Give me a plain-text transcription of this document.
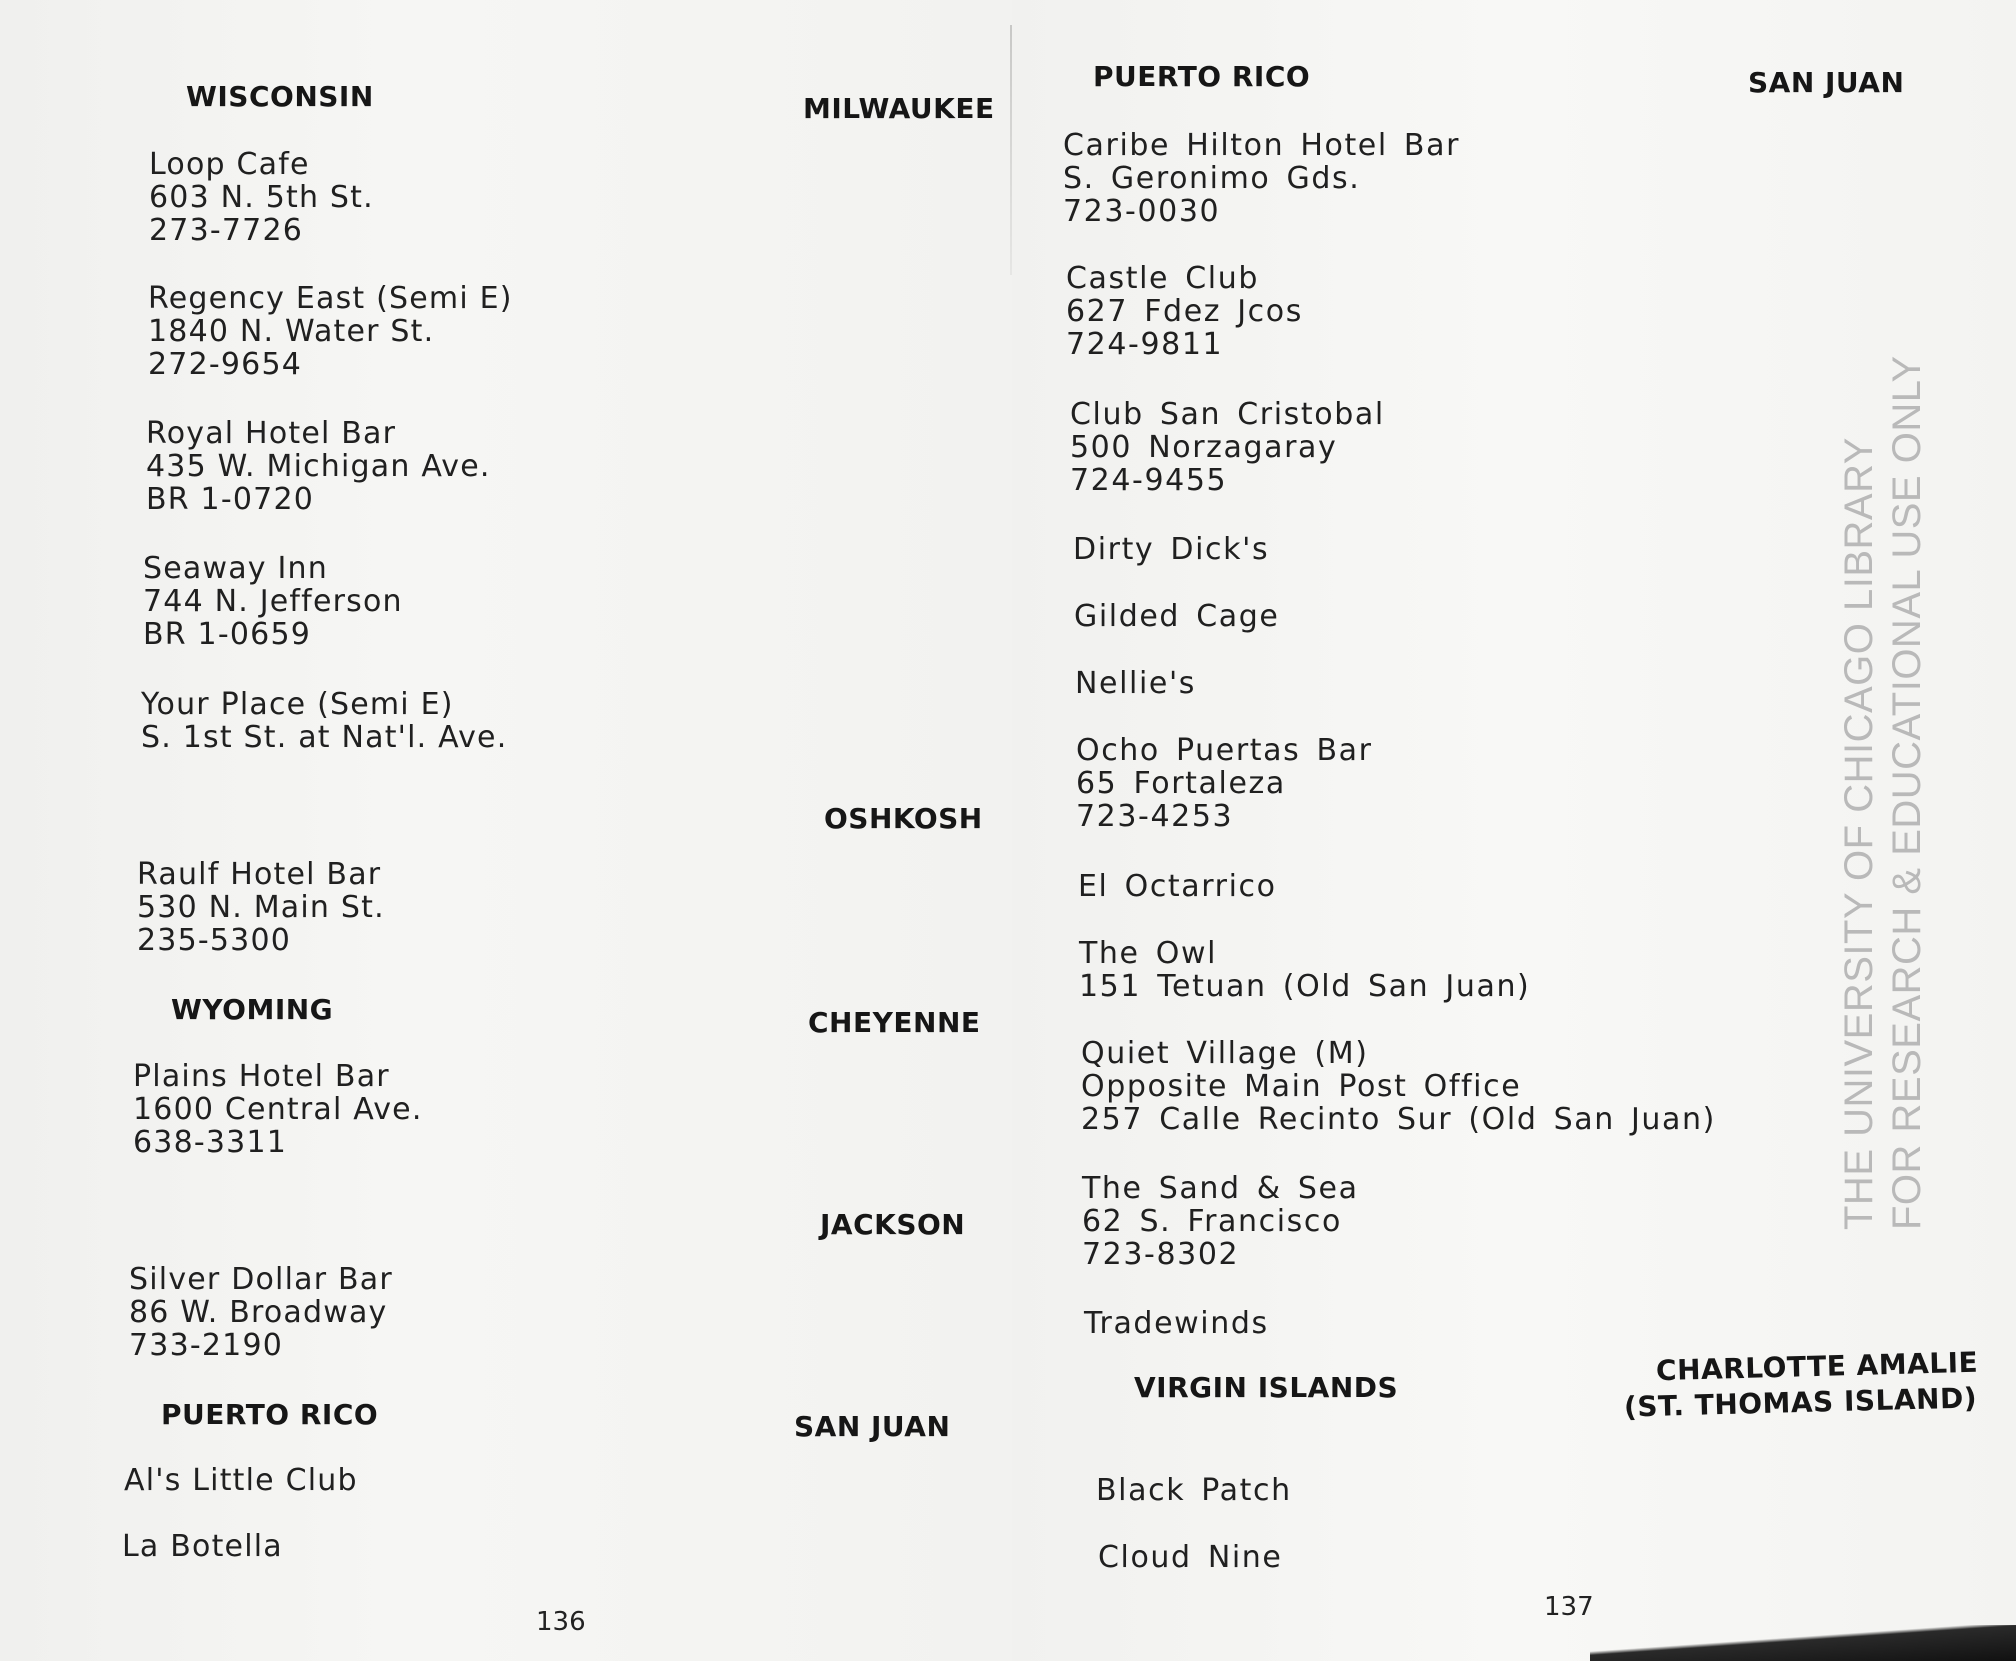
WISCONSIN	MILWAUKEE
Loop Cafe
603 N. 5th St.
273-7726
Regency East (Semi E)
1840 N. Water St.
272-9654
Royal Hotel Bar
435 W. Michigan Ave.
BR 1-0720
Seaway Inn
744 N. Jefferson
BR 1-0659
Your Place (Semi E)
S. 1st St. at Nat'l. Ave.
OSHKOSH
Raulf Hotel Bar
530 N. Main St.
235-5300
WYOMING	CHEYENNE
Plains Hotel Bar
1600 Central Ave.
638-3311
JACKSON
Silver Dollar Bar
86 W. Broadway
733-2190
PUERTO RICO	SAN JUAN
Al's Little Club
La Botella
136
PUERTO RICO	SAN JUAN
Caribe Hilton Hotel Bar
S. Geronimo Gds.
723-0030
Castle Club
627 Fdez Jcos
724-9811
Club San Cristobal
500 Norzagaray
724-9455
Dirty Dick's
Gilded Cage
Nellie's
Ocho Puertas Bar
65 Fortaleza
723-4253
El Octarrico
The Owl
151 Tetuan (Old San Juan)
Quiet Village (M)
Opposite Main Post Office
257 Calle Recinto Sur (Old San Juan)
The Sand & Sea
62 S. Francisco
723-8302
Tradewinds
VIRGIN ISLANDS
CHARLOTTE AMALIE
(ST. THOMAS ISLAND)
Black Patch
Cloud Nine
137
THE UNIVERSITY OF CHICAGO LIBRARY FOR RESEARCH & EDUCATIONAL USE ONLY
